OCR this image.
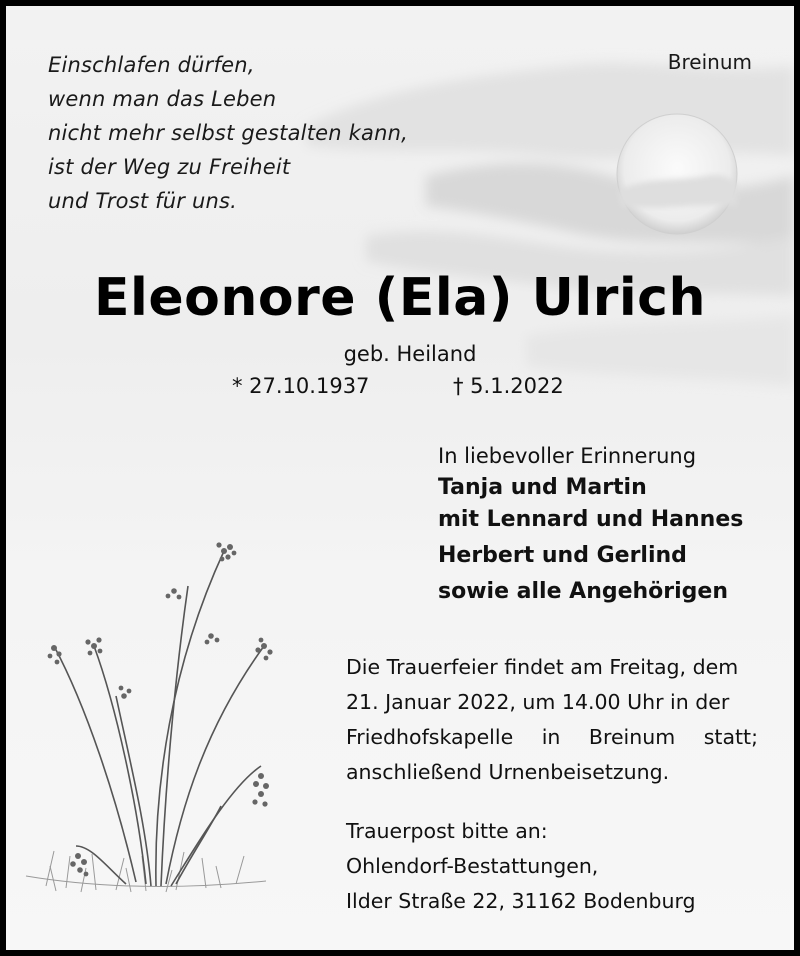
Einschlafen dürfen,
wenn man das Leben
nicht mehr selbst gestalten kann,
ist der Weg zu Freiheit
und Trost für uns.
Breinum
Eleonore (Ela) Ulrich
geb. Heiland
* 27.10.1937	† 5.1.2022
In liebevoller Erinnerung
Tanja und Martin
mit Lennard und Hannes
Herbert und Gerlind
sowie alle Angehörigen
Die Trauerfeier findet am Freitag, dem
21. Januar 2022, um 14.00 Uhr in der
Friedhofskapelle in Breinum statt;
anschließend Urnenbeisetzung.
Trauerpost bitte an:
Ohlendorf-Bestattungen,
Ilder Straße 22, 31162 Bodenburg
